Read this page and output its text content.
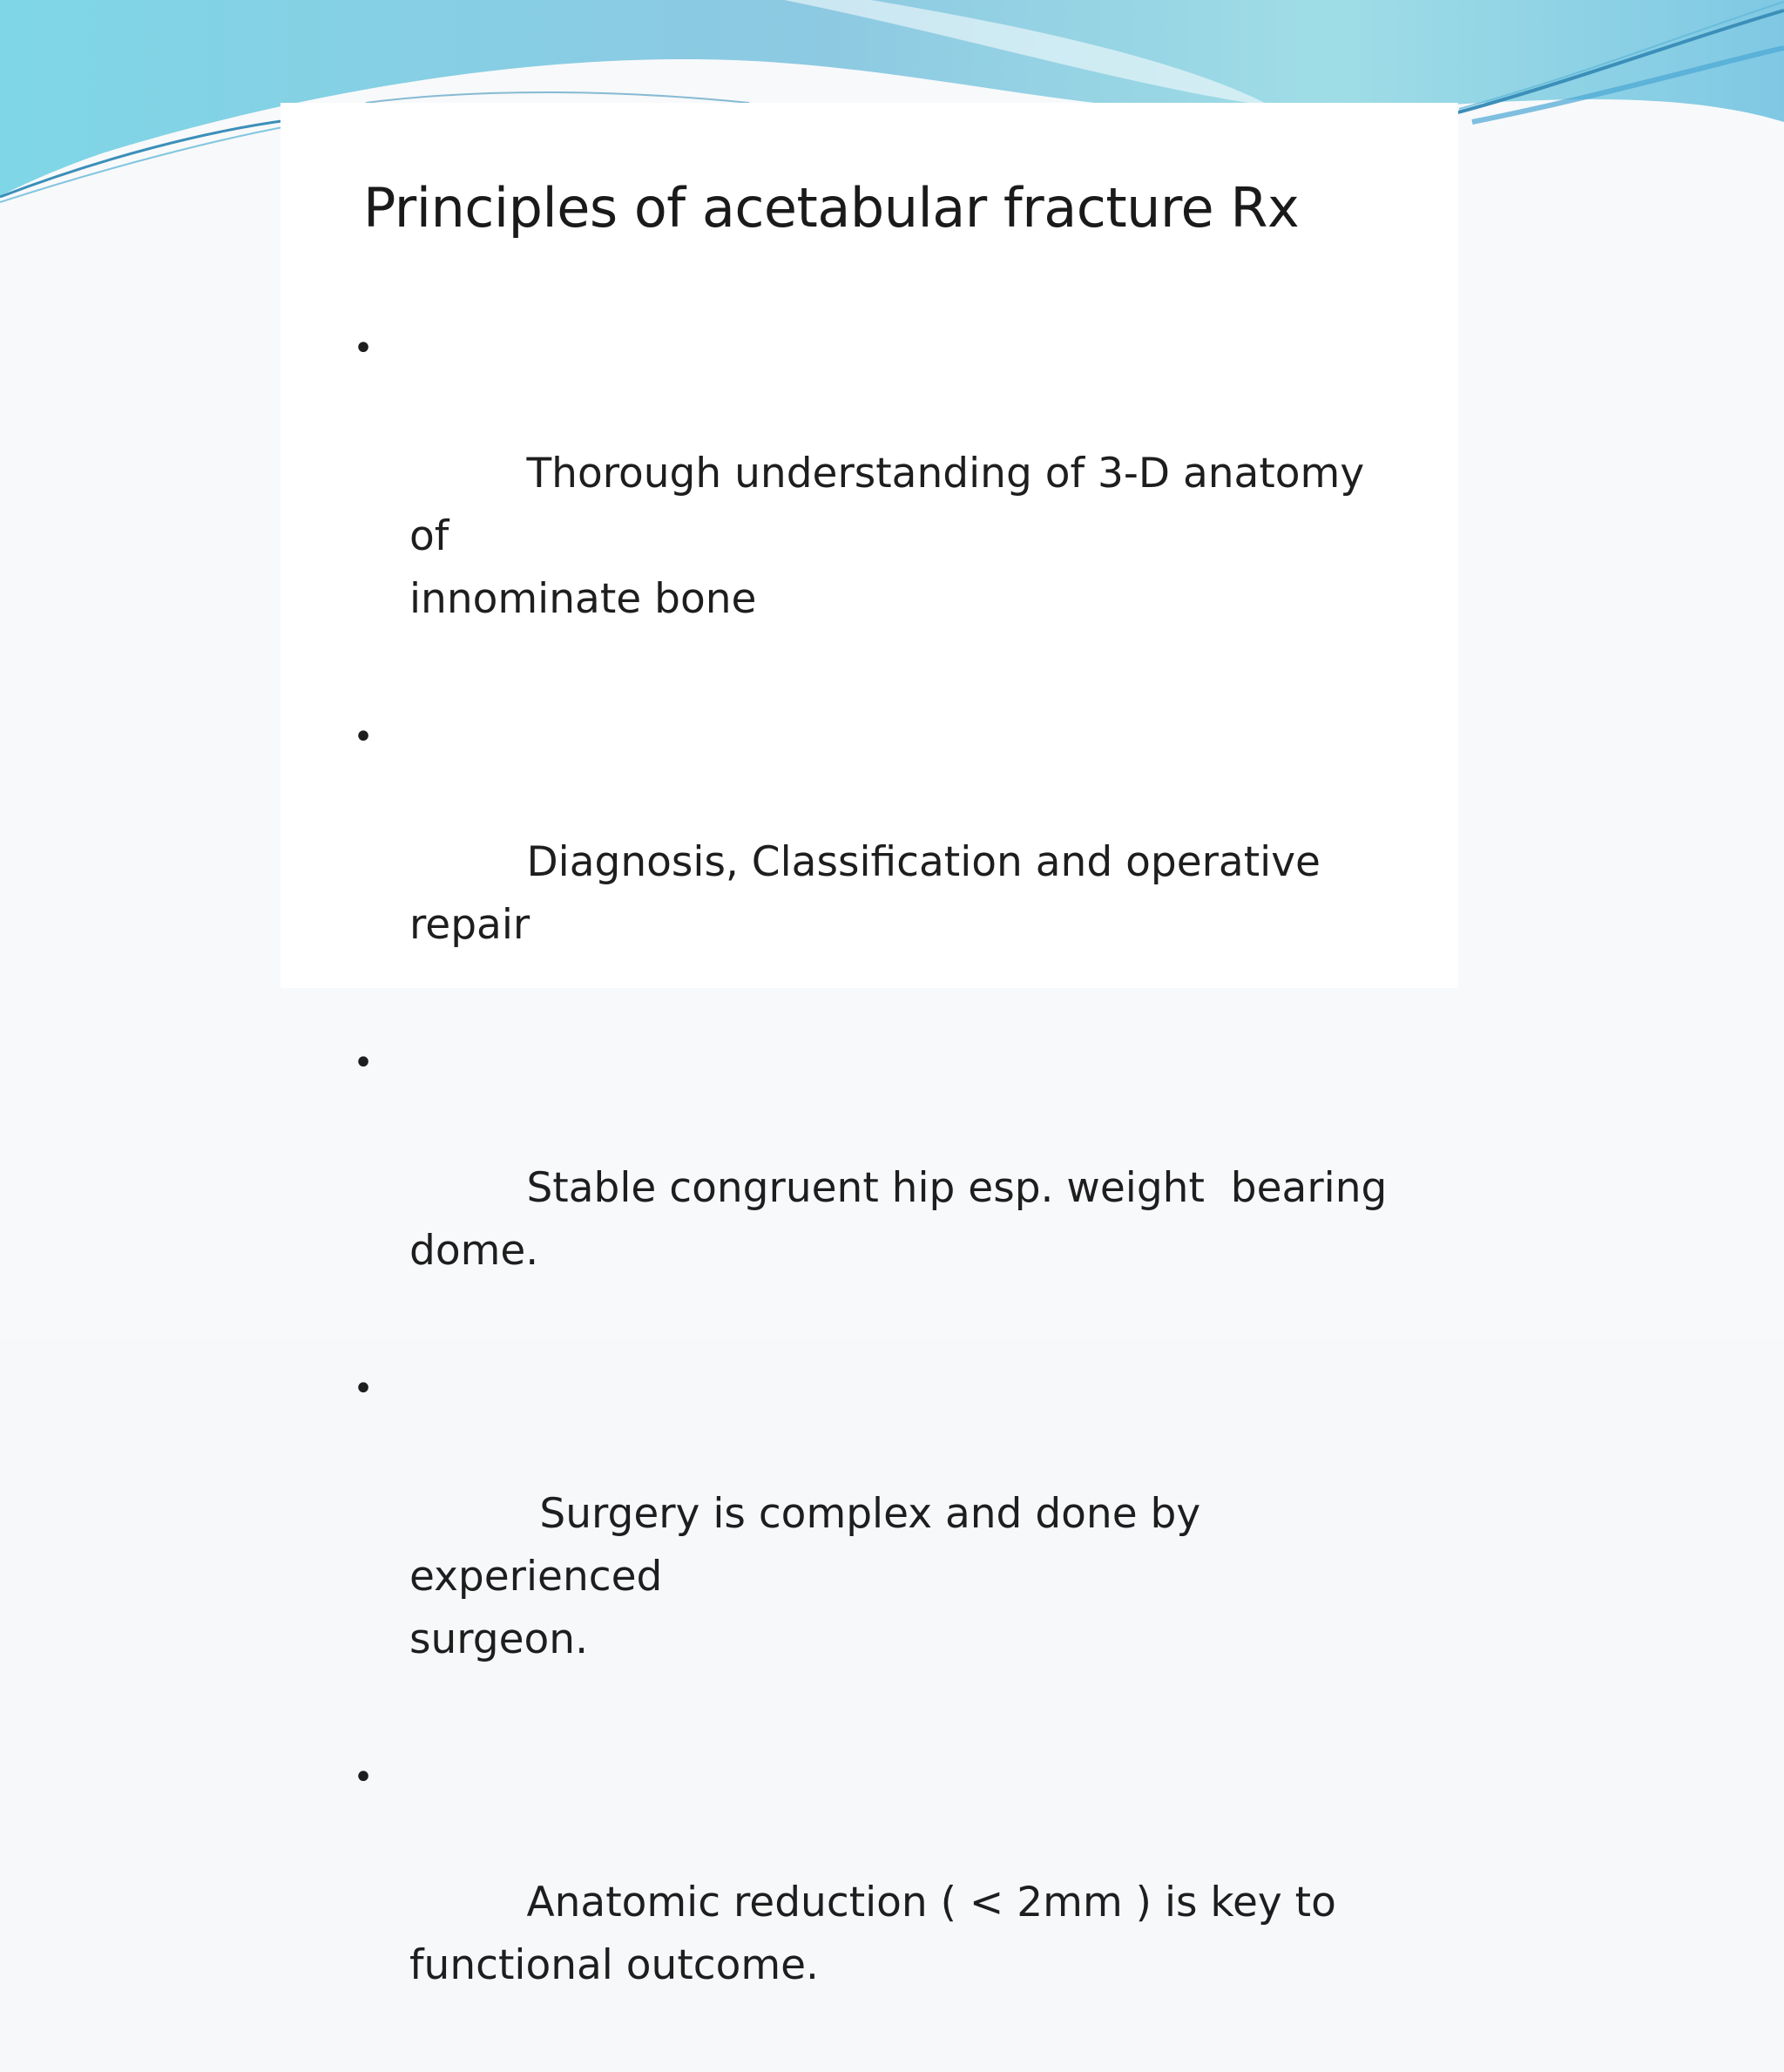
Principles of acetabular fracture Rx

•

Thorough understanding of 3-D anatomy of
innominate bone

•

Diagnosis, Classification and operative repair

•

Stable congruent hip esp. weight  bearing
dome.

•

Surgery is complex and done by experienced
surgeon.

•

Anatomic reduction ( < 2mm ) is key to
functional outcome.
